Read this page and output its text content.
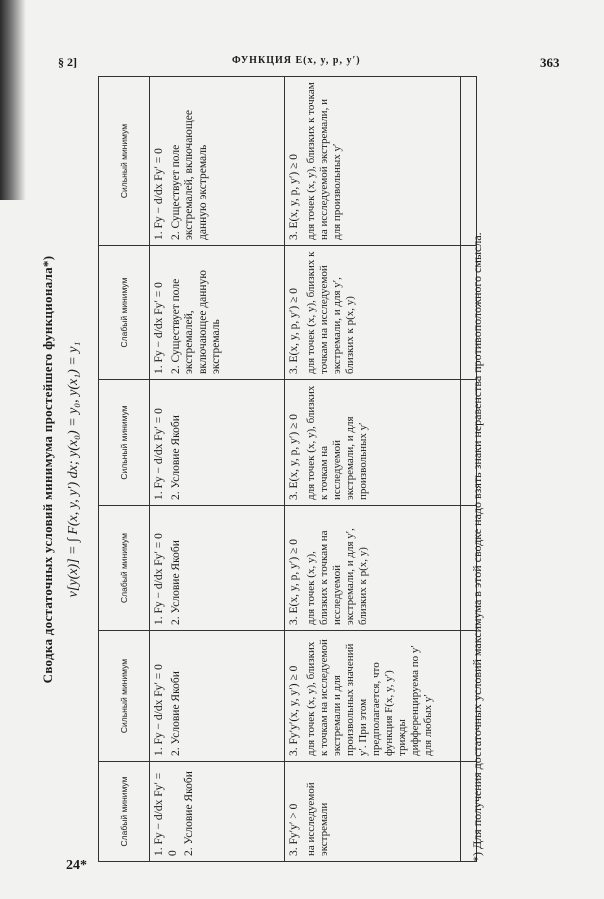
§ 2]	ФУНКЦИЯ E(x, y, p, y′)	363
24*
Сводка достаточных условий минимума простейшего функционала*) v[y(x)] = ∫ F(x, y, y′) dx; y(x₀) = y₀, y(x₁) = y₁
Слабый минимум	Сильный минимум	Слабый минимум	Сильный минимум	Слабый минимум	Сильный минимум

1. Fy − d/dx Fy′ = 0 2. Условие Якоби	1. Fy − d/dx Fy′ = 0 2. Условие Якоби	1. Fy − d/dx Fy′ = 0 2. Условие Якоби	1. Fy − d/dx Fy′ = 0 2. Условие Якоби	1. Fy − d/dx Fy′ = 0 2. Существует поле экстремалей, включающее данную экстремаль	1. Fy − d/dx Fy′ = 0 2. Существует поле экстремалей, включающее данную экстремаль

3. Fy′y′ > 0 на исследуемой экстремали	3. Fy′y′(x, y, y′) ≥ 0 для точек (x, y), близких к точкам на исследуемой экстремали и для произвольных значений y′. При этом предполагается, что функция F(x, y, y′) трижды дифференцируема по y′ для любых y′	3. E(x, y, p, y′) ≥ 0 для точек (x, y), близких к точкам на исследуемой экстремали, и для y′, близких к p(x, y)	3. E(x, y, p, y′) ≥ 0 для точек (x, y), близких к точкам на исследуемой экстремали, и для произвольных y′	3. E(x, y, p, y′) ≥ 0 для точек (x, y), близких к точкам на исследуемой экстремали, и для y′, близких к p(x, y)	3. E(x, y, p, y′) ≥ 0 для точек (x, y), близких к точкам на исследуемой экстремали, и для произвольных y′
*) Для получения достаточных условий максимума в этой сводке надо взять знаки неравенства противоположного смысла.
